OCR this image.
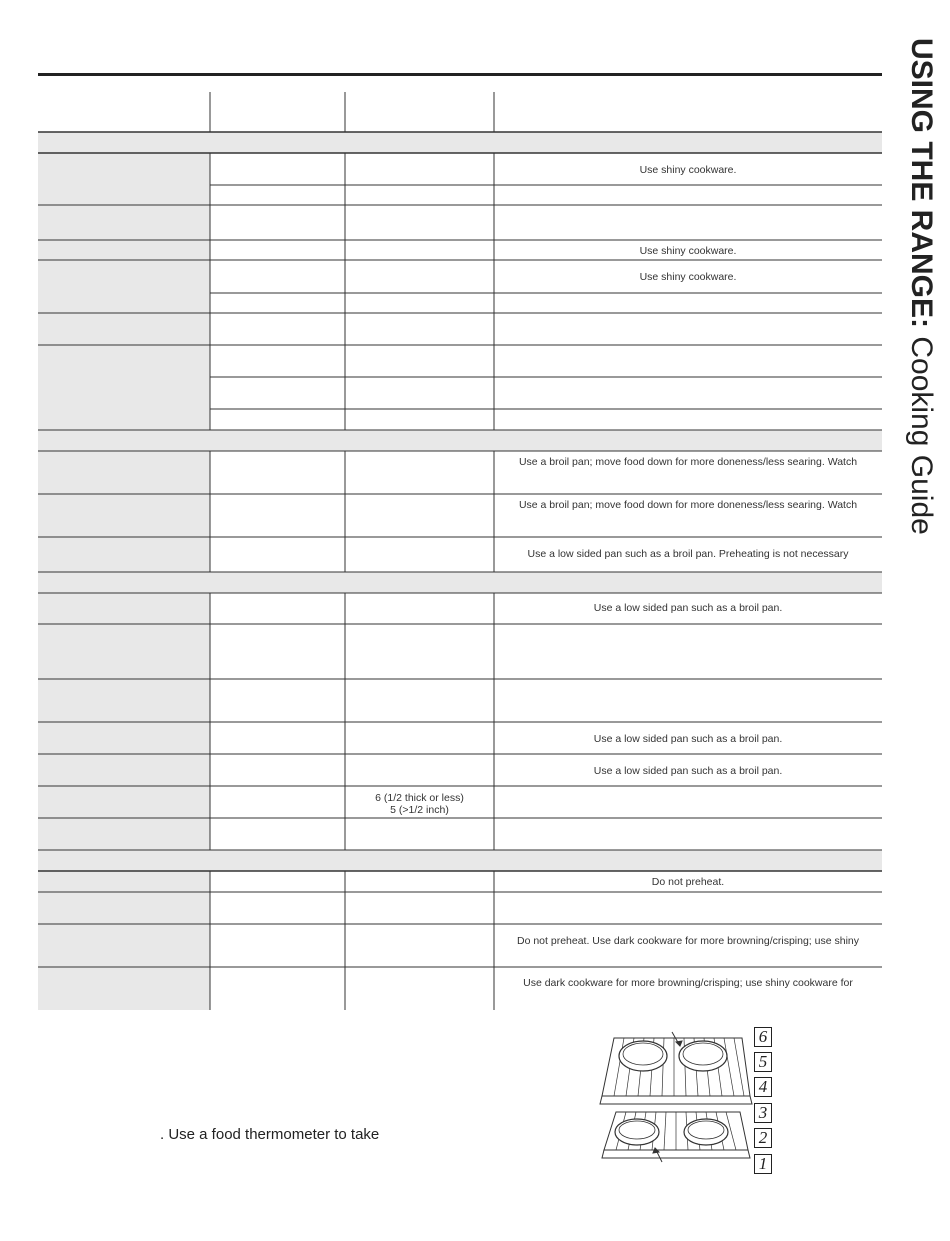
Use shiny cookware.
Use shiny cookware.
Use shiny cookware.
Use a broil pan; move food down for more doneness/less searing. Watch
Use a broil pan; move food down for more doneness/less searing. Watch
Use a low sided pan such as a broil pan. Preheating is not necessary
Use a low sided pan such as a broil pan.
Use a low sided pan such as a broil pan.
Use a low sided pan such as a broil pan.
6 (1/2 thick or less)
5 (>1/2 inch)
Do not preheat.
Do not preheat. Use dark cookware for more browning/crisping; use shiny
Use dark cookware for more browning/crisping; use shiny cookware for
USING THE RANGE: Cooking Guide
. Use a food thermometer to take
6
5
4
3
2
1
